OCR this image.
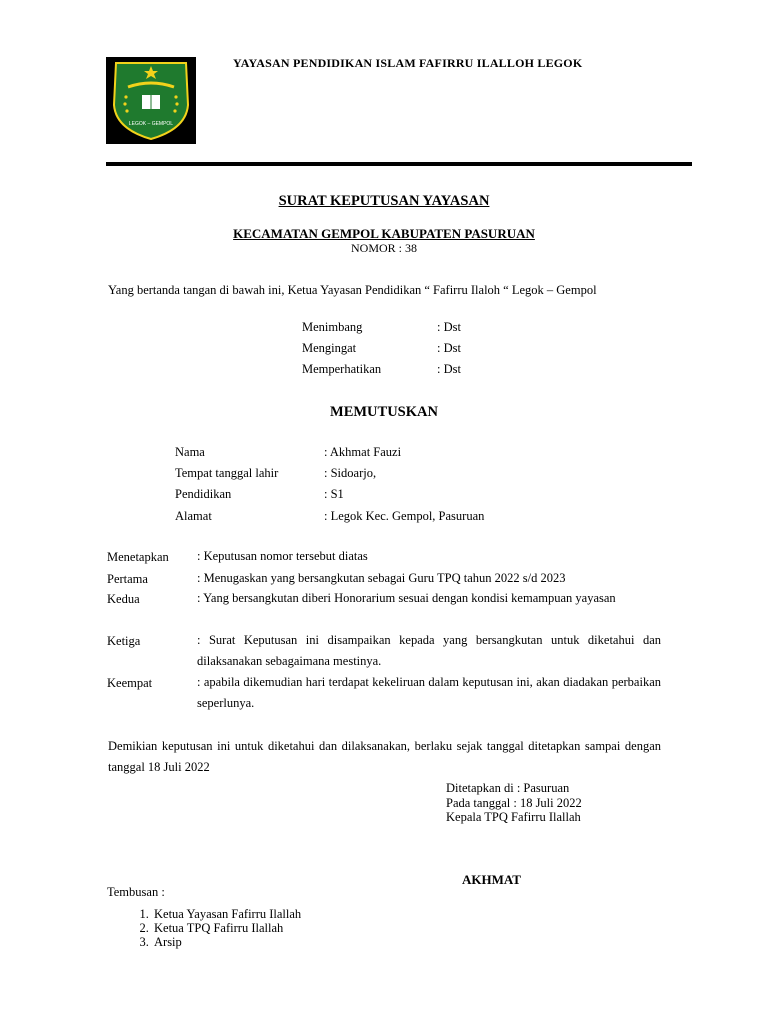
LEGOK – GEMPOL
YAYASAN PENDIDIKAN ISLAM FAFIRRU ILALLOH LEGOK
SURAT KEPUTUSAN YAYASAN
KECAMATAN GEMPOL KABUPATEN PASURUAN
NOMOR : 38
Yang bertanda tangan di bawah ini, Ketua Yayasan Pendidikan “ Fafirru Ilaloh “ Legok – Gempol
Menimbang	: Dst
Mengingat	: Dst
Memperhatikan	: Dst
MEMUTUSKAN
Nama	: Akhmat Fauzi
Tempat tanggal lahir	: Sidoarjo,
Pendidikan	: S1
Alamat	: Legok Kec. Gempol, Pasuruan
Menetapkan : Keputusan nomor tersebut diatas
Pertama	: Menugaskan yang bersangkutan sebagai Guru TPQ tahun 2022 s/d 2023
Kedua	: Yang bersangkutan diberi Honorarium sesuai dengan kondisi kemampuan yayasan
Ketiga	: Surat Keputusan ini disampaikan kepada yang bersangkutan untuk diketahui dan dilaksanakan sebagaimana mestinya.
Keempat	: apabila dikemudian hari terdapat kekeliruan dalam keputusan ini, akan diadakan perbaikan seperlunya.
Demikian keputusan ini untuk diketahui dan dilaksanakan, berlaku sejak tanggal ditetapkan sampai dengan tanggal 18 Juli 2022
Ditetapkan di : Pasuruan
Pada tanggal : 18 Juli 2022
Kepala TPQ Fafirru Ilallah
AKHMAT
Tembusan :
1. Ketua Yayasan Fafirru Ilallah
2. Ketua TPQ Fafirru Ilallah
3. Arsip
